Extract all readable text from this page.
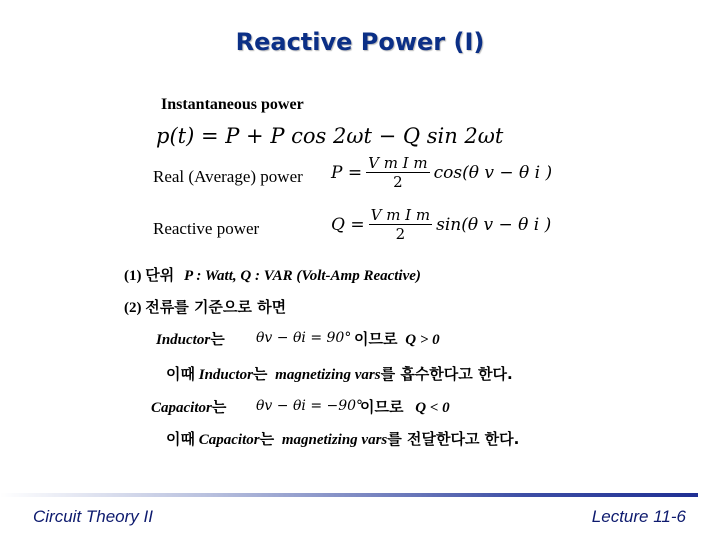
Reactive Power (I)
Instantaneous power
p(t) = P + P cos 2ωt − Q sin 2ωt
Real (Average) power $P = \frac{\text{V m I m}}{2} \cos(\theta$ v − θ i )
Reactive power	$Q = \frac{\text{V m I m}}{2} \sin(\theta$ v − θ i )
(1) 단위 P : Watt, Q : VAR (Volt-Amp Reactive)
(2) 전류를 기준으로 하면
Inductor는 θv − θi = 90° 이므로 Q > 0
이때 Inductor는 magnetizing vars를 흡수한다고 한다.
Capacitor는 θv − θi = −90°
이므로 Q < 0
이때 Capacitor는 magnetizing vars를 전달한다고 한다.
Circuit Theory II	Lecture 11-6
